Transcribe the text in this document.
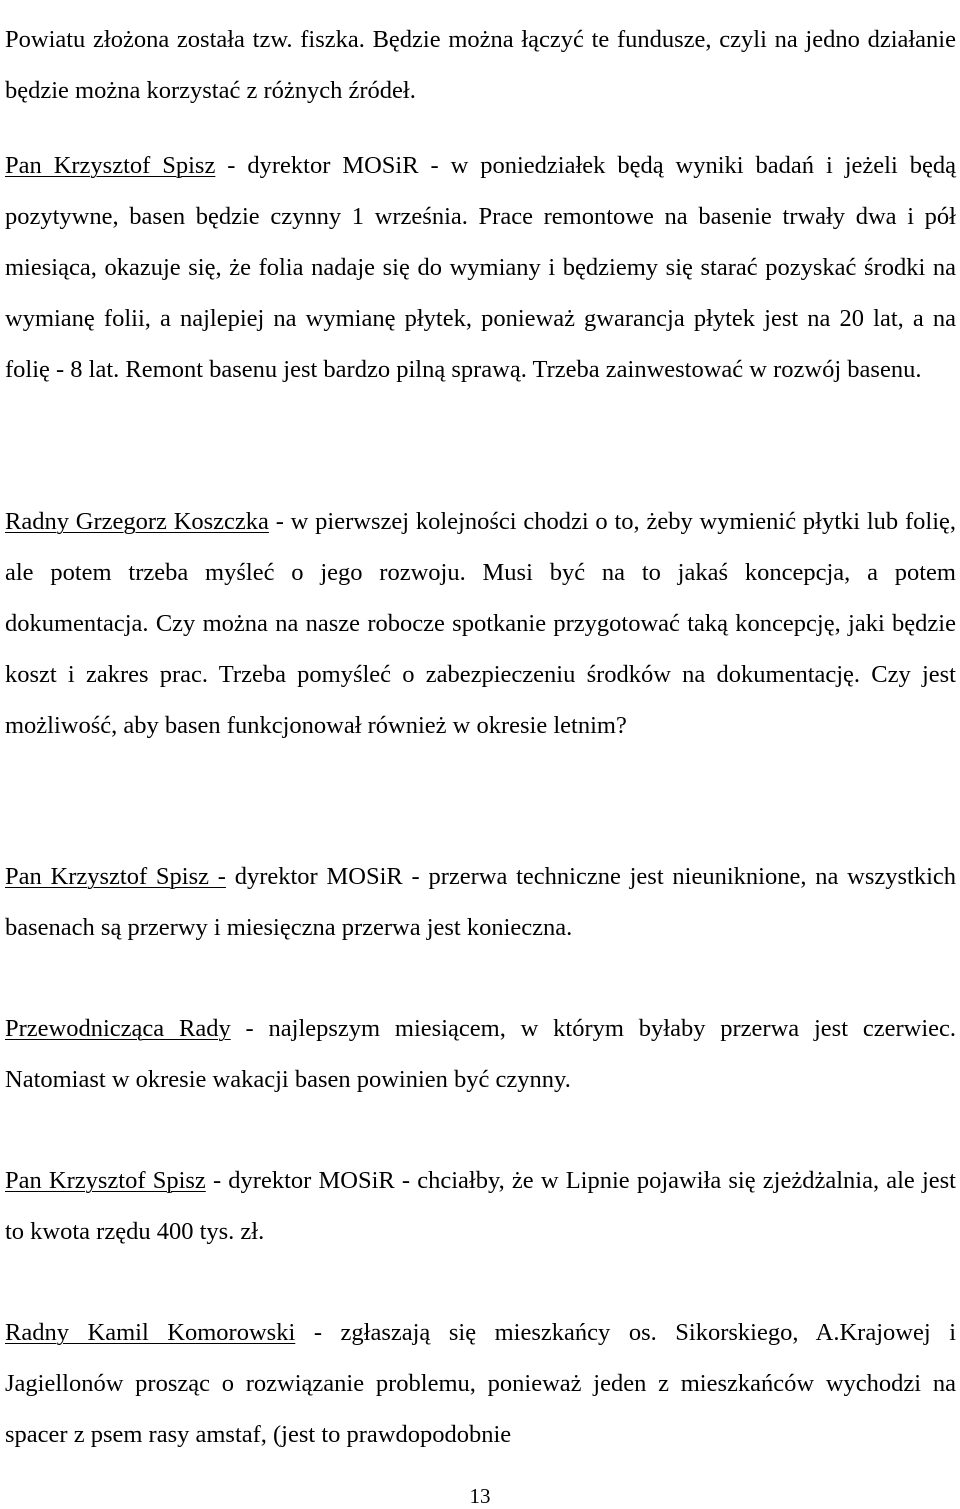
Powiatu złożona została tzw. fiszka. Będzie można łączyć te fundusze, czyli na jedno działanie będzie można korzystać z różnych źródeł.

Pan Krzysztof Spisz - dyrektor MOSiR - w poniedziałek będą wyniki badań i jeżeli będą pozytywne, basen będzie czynny 1 września. Prace remontowe na basenie trwały dwa i pół miesiąca, okazuje się, że folia nadaje się do wymiany i będziemy się starać pozyskać środki na wymianę folii, a najlepiej na wymianę płytek, ponieważ gwarancja płytek jest na 20 lat, a na folię - 8 lat. Remont basenu jest bardzo pilną sprawą. Trzeba zainwestować w rozwój basenu.

Radny Grzegorz Koszczka - w pierwszej kolejności chodzi o to, żeby wymienić płytki lub folię, ale potem trzeba myśleć o jego rozwoju. Musi być na to jakaś koncepcja, a potem dokumentacja. Czy można na nasze robocze spotkanie przygotować taką koncepcję, jaki będzie koszt i zakres prac. Trzeba pomyśleć o zabezpieczeniu środków na dokumentację. Czy jest możliwość, aby basen funkcjonował również w okresie letnim?

Pan Krzysztof Spisz - dyrektor MOSiR - przerwa techniczne jest nieuniknione, na wszystkich basenach są przerwy i miesięczna przerwa jest konieczna.

Przewodnicząca Rady - najlepszym miesiącem, w którym byłaby przerwa jest czerwiec. Natomiast w okresie wakacji basen powinien być czynny.

Pan Krzysztof Spisz - dyrektor MOSiR - chciałby, że w Lipnie pojawiła się zjeżdżalnia, ale jest to kwota rzędu 400 tys. zł.

Radny Kamil Komorowski - zgłaszają się mieszkańcy os. Sikorskiego, A.Krajowej i Jagiellonów prosząc o rozwiązanie problemu, ponieważ jeden z mieszkańców wychodzi na spacer z psem rasy amstaf, (jest to prawdopodobnie

13
